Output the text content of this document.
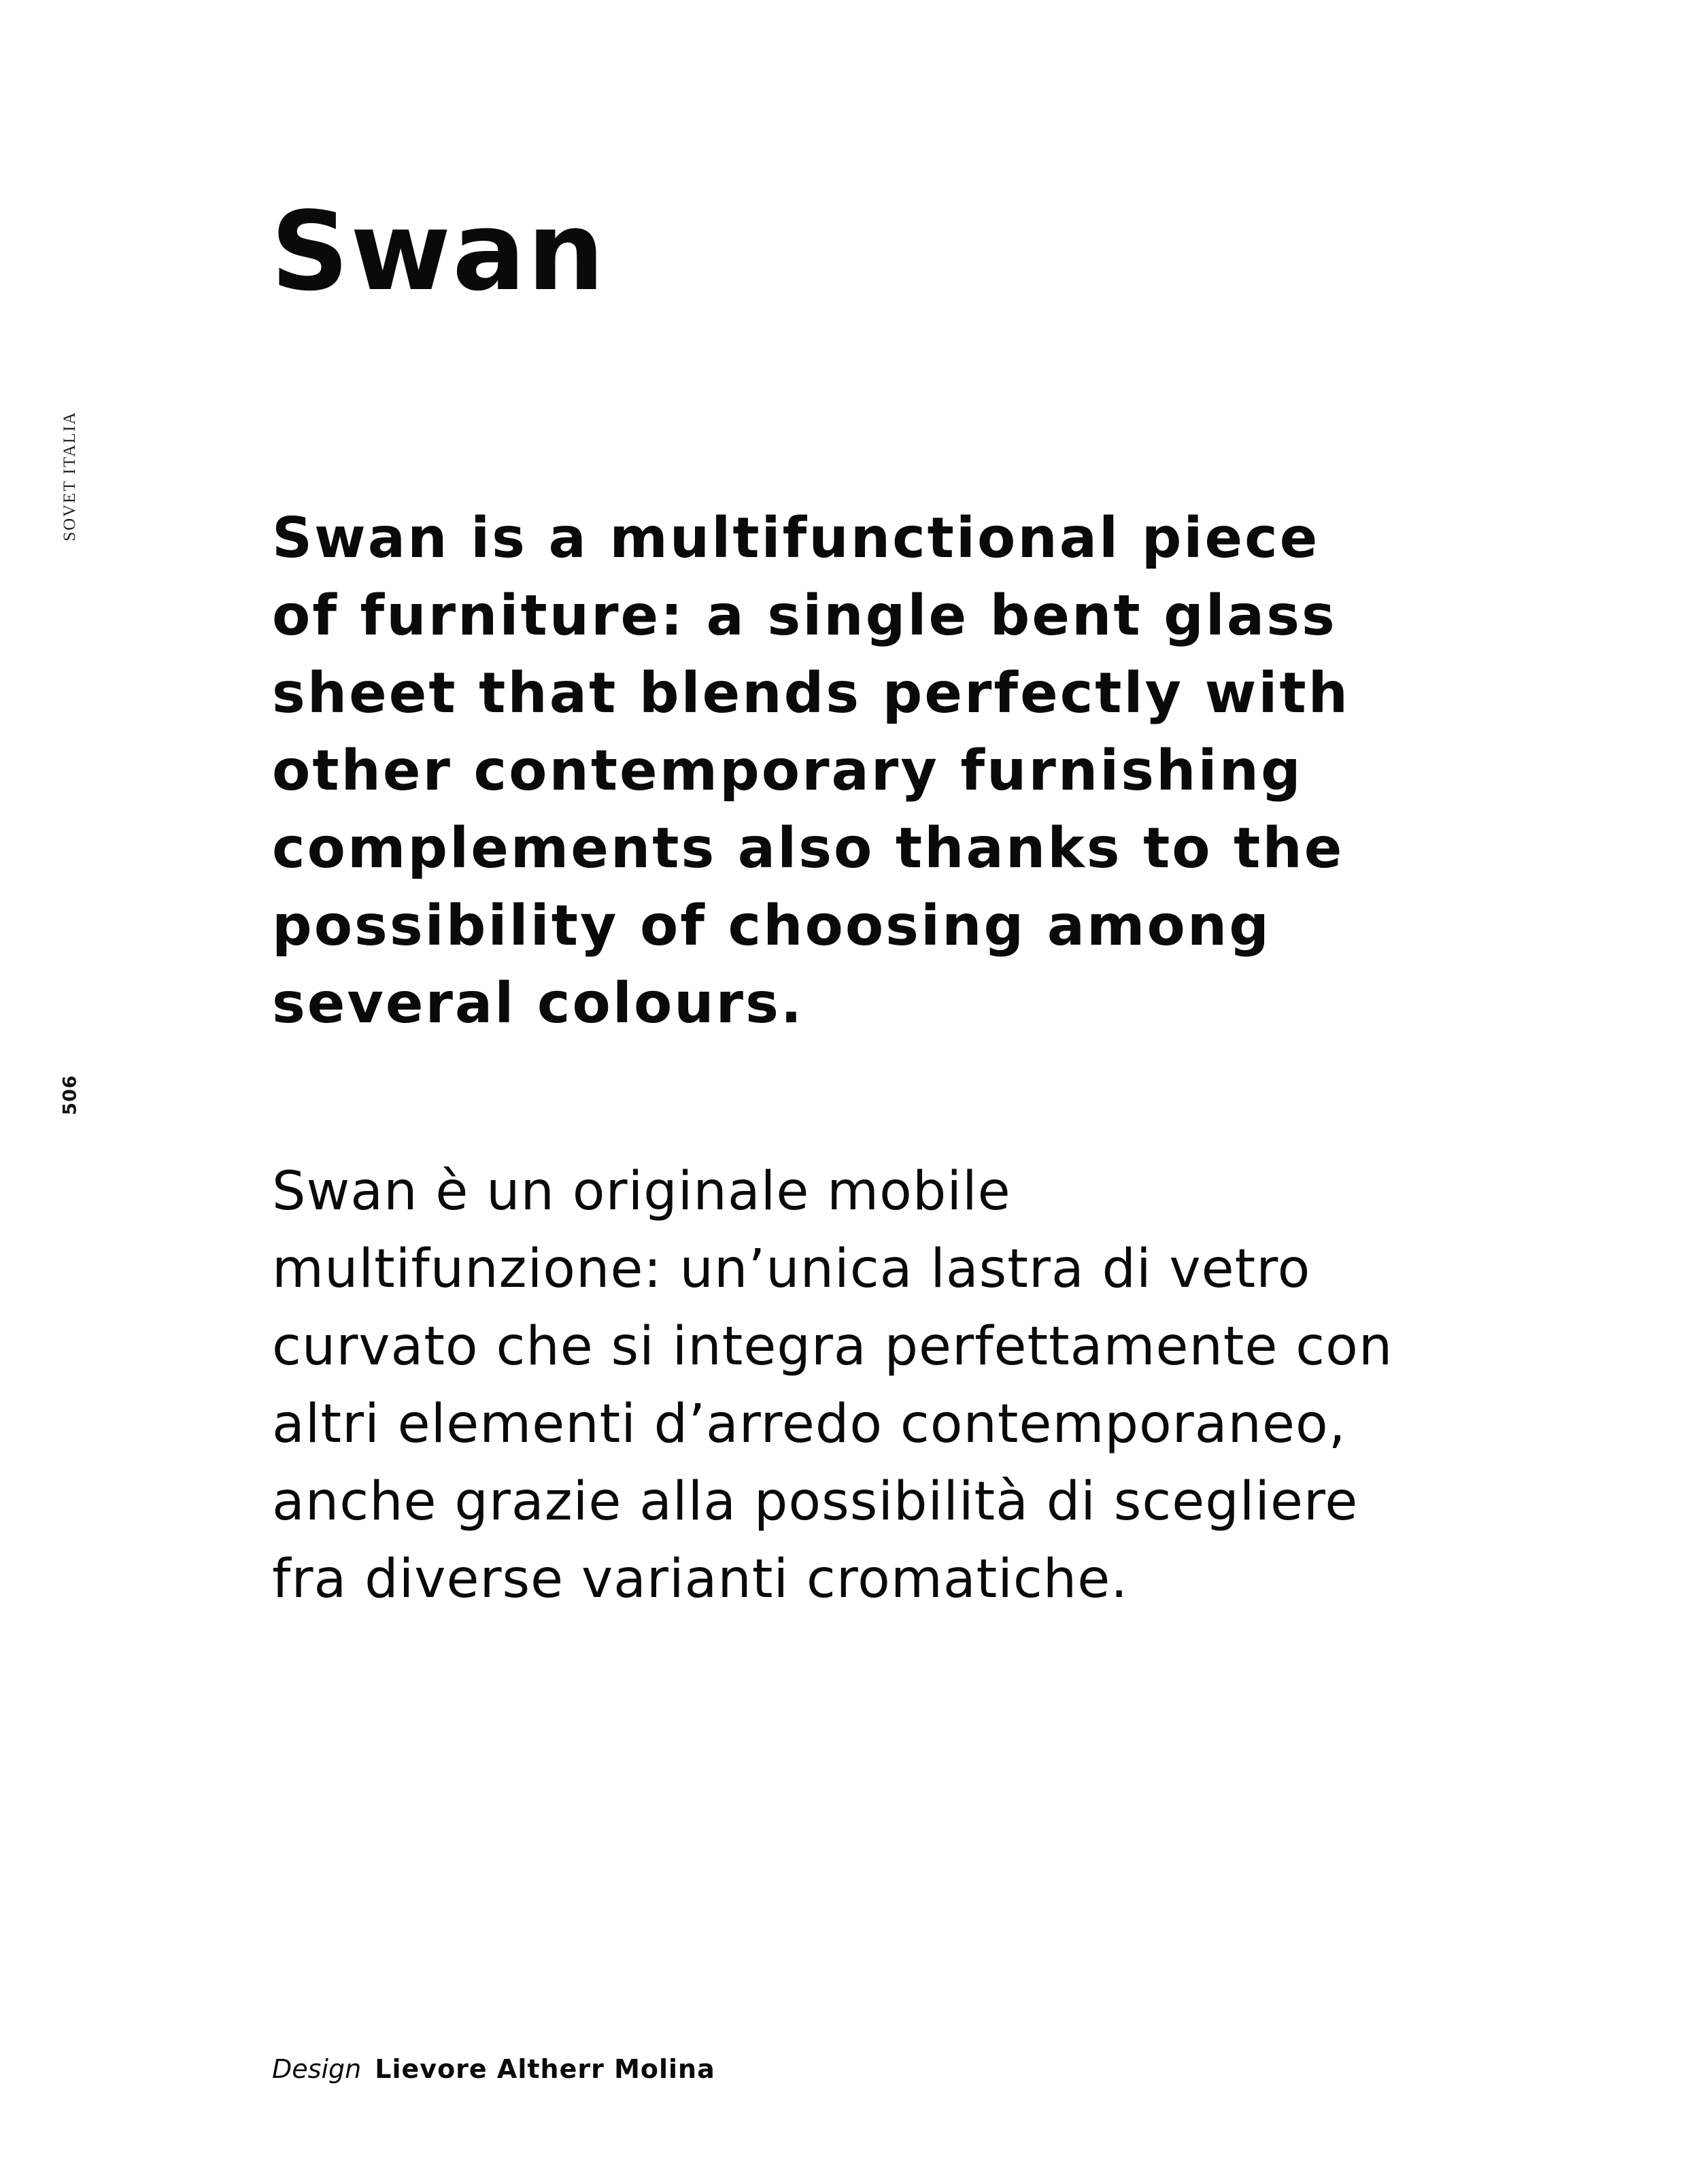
SOVET ITALIA
506
Swan

Swan is a multifunctional piece
of furniture: a single bent glass
sheet that blends perfectly with
other contemporary furnishing
complements also thanks to the
possibility of choosing among
several colours.

Swan è un originale mobile
multifunzione: un’unica lastra di vetro
curvato che si integra perfettamente con
altri elementi d’arredo contemporaneo,
anche grazie alla possibilità di scegliere
fra diverse varianti cromatiche.

Design Lievore Altherr Molina
